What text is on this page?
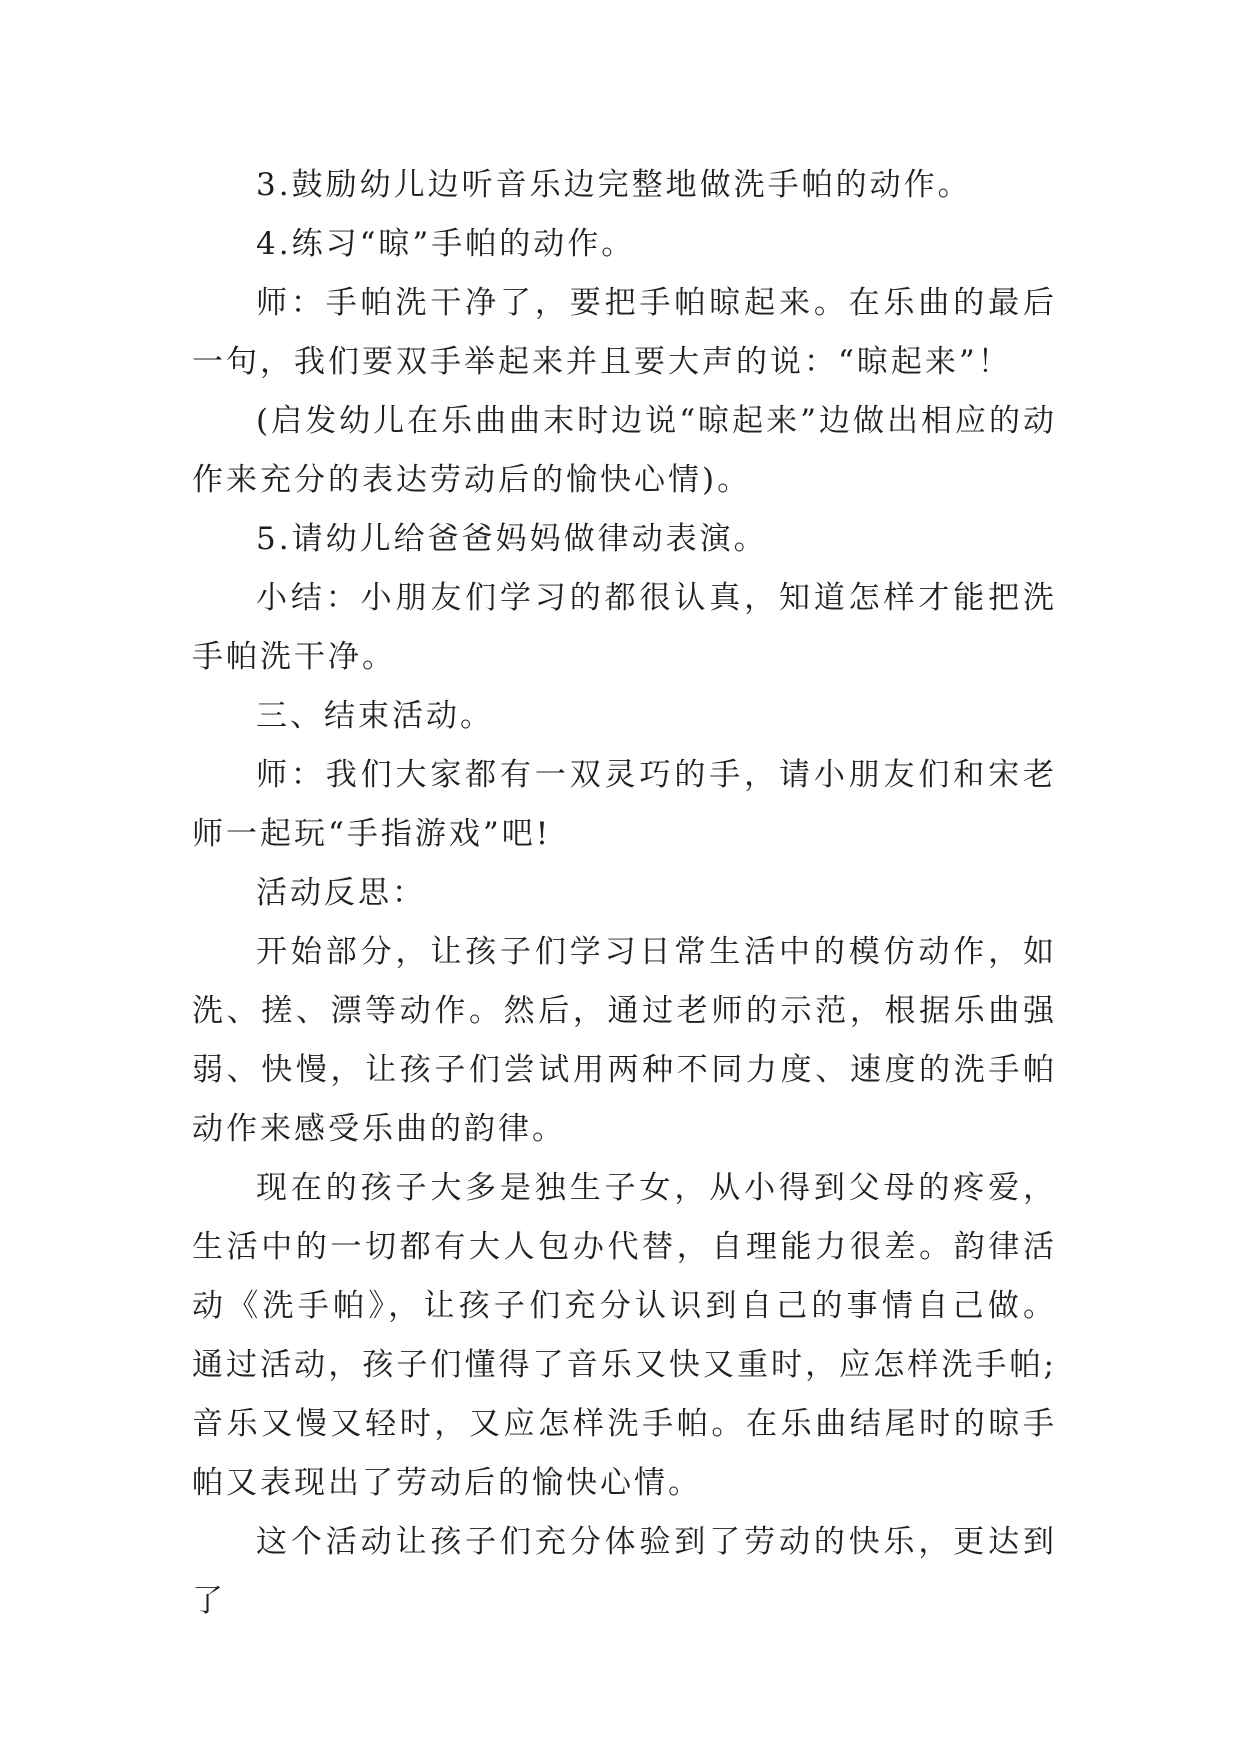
3.鼓励幼儿边听音乐边完整地做洗手帕的动作。

4.练习“晾”手帕的动作。

师：手帕洗干净了，要把手帕晾起来。在乐曲的最后一句，我们要双手举起来并且要大声的说：“晾起来”！

(启发幼儿在乐曲曲末时边说“晾起来”边做出相应的动作来充分的表达劳动后的愉快心情)。

5.请幼儿给爸爸妈妈做律动表演。

小结：小朋友们学习的都很认真，知道怎样才能把洗手帕洗干净。

三、结束活动。

师：我们大家都有一双灵巧的手，请小朋友们和宋老师一起玩“手指游戏”吧!

活动反思：

开始部分，让孩子们学习日常生活中的模仿动作，如洗、搓、漂等动作。然后，通过老师的示范，根据乐曲强弱、快慢，让孩子们尝试用两种不同力度、速度的洗手帕动作来感受乐曲的韵律。

现在的孩子大多是独生子女，从小得到父母的疼爱，生活中的一切都有大人包办代替，自理能力很差。韵律活动《洗手帕》，让孩子们充分认识到自己的事情自己做。 通过活动，孩子们懂得了音乐又快又重时，应怎样洗手帕;音乐又慢又轻时，又应怎样洗手帕。在乐曲结尾时的晾手帕又表现出了劳动后的愉快心情。

这个活动让孩子们充分体验到了劳动的快乐，更达到了
